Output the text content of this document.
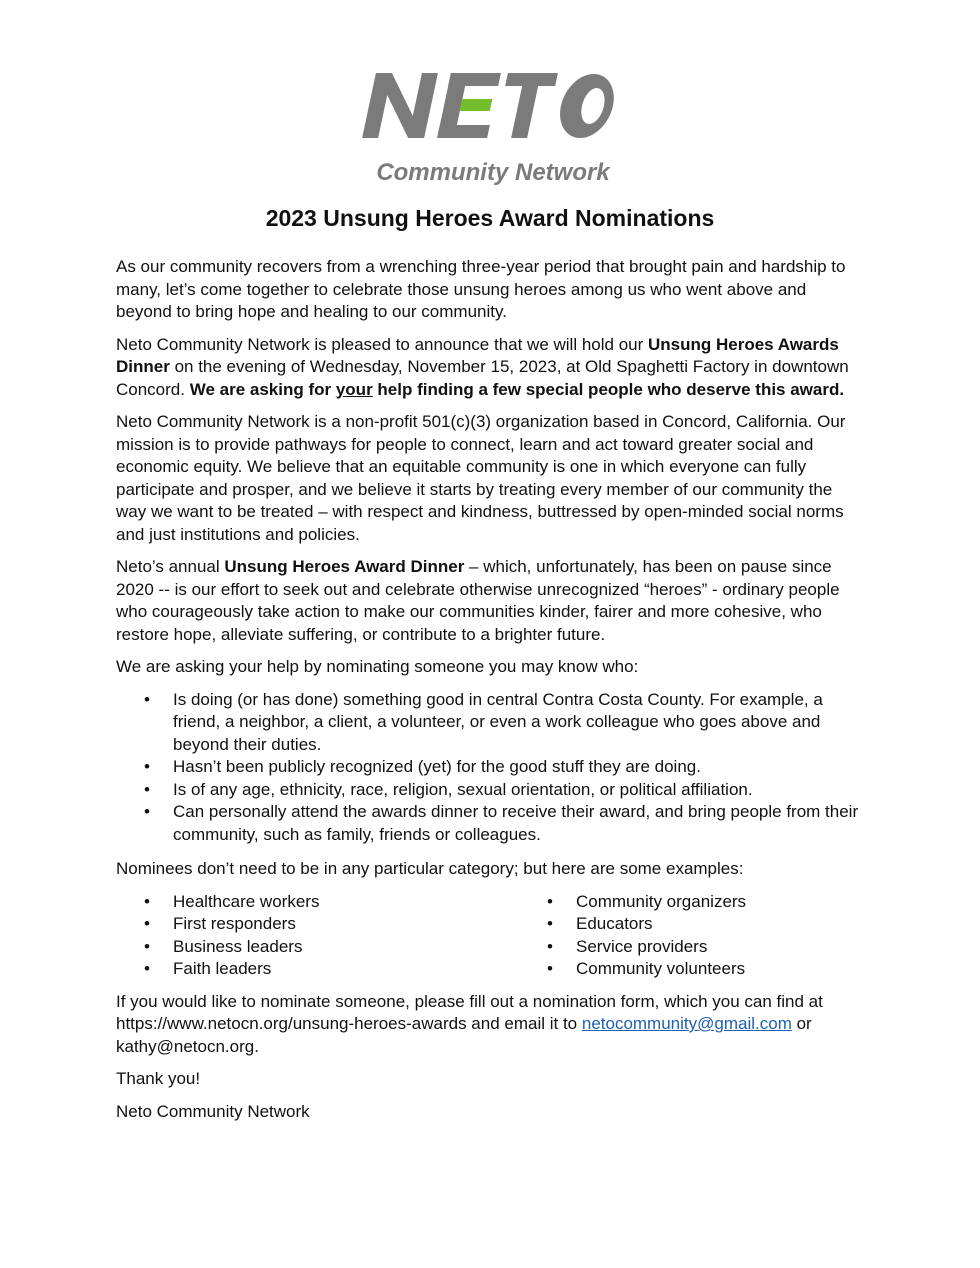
Community Network
2023 Unsung Heroes Award Nominations

As our community recovers from a wrenching three-year period that brought pain and hardship to many, let’s come together to celebrate those unsung heroes among us who went above and beyond to bring hope and healing to our community.

Neto Community Network is pleased to announce that we will hold our Unsung Heroes Awards Dinner on the evening of Wednesday, November 15, 2023, at Old Spaghetti Factory in downtown Concord. We are asking for your help finding a few special people who deserve this award.

Neto Community Network is a non-profit 501(c)(3) organization based in Concord, California. Our mission is to provide pathways for people to connect, learn and act toward greater social and economic equity. We believe that an equitable community is one in which everyone can fully participate and prosper, and we believe it starts by treating every member of our community the way we want to be treated – with respect and kindness, buttressed by open-minded social norms and just institutions and policies.

Neto’s annual Unsung Heroes Award Dinner – which, unfortunately, has been on pause since 2020 -- is our effort to seek out and celebrate otherwise unrecognized “heroes” - ordinary people who courageously take action to make our communities kinder, fairer and more cohesive, who restore hope, alleviate suffering, or contribute to a brighter future.

We are asking your help by nominating someone you may know who:

• Is doing (or has done) something good in central Contra Costa County. For example, a friend, a neighbor, a client, a volunteer, or even a work colleague who goes above and beyond their duties.
• Hasn’t been publicly recognized (yet) for the good stuff they are doing.
• Is of any age, ethnicity, race, religion, sexual orientation, or political affiliation.
• Can personally attend the awards dinner to receive their award, and bring people from their community, such as family, friends or colleagues.

Nominees don’t need to be in any particular category; but here are some examples:

• Healthcare workers
• First responders
• Business leaders
• Faith leaders
• Community organizers
• Educators
• Service providers
• Community volunteers

If you would like to nominate someone, please fill out a nomination form, which you can find at https://www.netocn.org/unsung-heroes-awards and email it to netocommunity@gmail.com or kathy@netocn.org.

Thank you!

Neto Community Network
